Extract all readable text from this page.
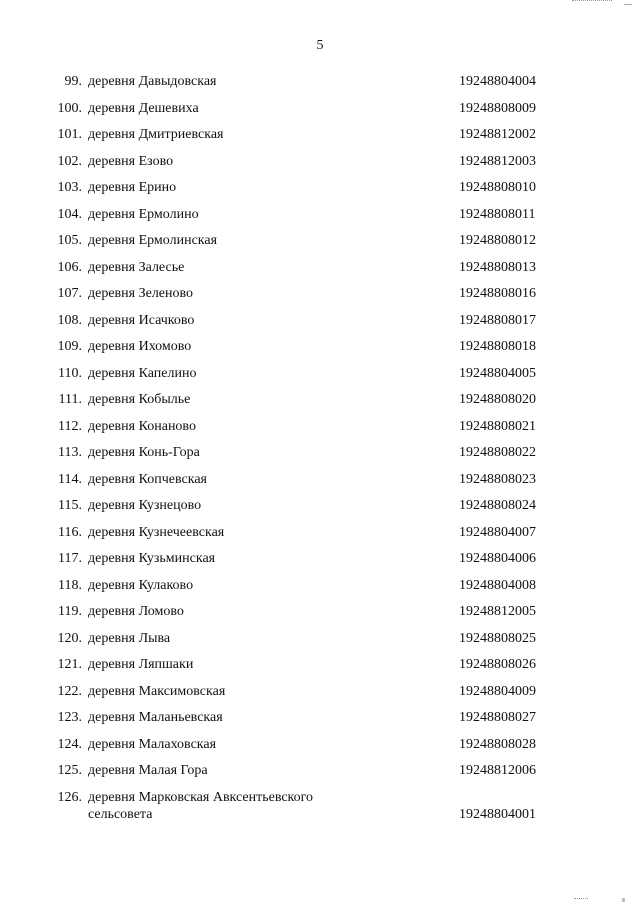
5
99. деревня Давыдовская	19248804004
100. деревня Дешевиха	19248808009
101. деревня Дмитриевская	19248812002
102. деревня Езово	19248812003
103. деревня Ерино	19248808010
104. деревня Ермолино	19248808011
105. деревня Ермолинская	19248808012
106. деревня Залесье	19248808013
107. деревня Зеленово	19248808016
108. деревня Исачково	19248808017
109. деревня Ихомово	19248808018
110. деревня Капелино	19248804005
111. деревня Кобылье	19248808020
112. деревня Конаново	19248808021
113. деревня Конь-Гора	19248808022
114. деревня Копчевская	19248808023
115. деревня Кузнецово	19248808024
116. деревня Кузнечеевская	19248804007
117. деревня Кузьминская	19248804006
118. деревня Кулаково	19248804008
119. деревня Ломово	19248812005
120. деревня Лыва	19248808025
121. деревня Ляпшаки	19248808026
122. деревня Максимовская	19248804009
123. деревня Маланьевская	19248808027
124. деревня Малаховская	19248808028
125. деревня Малая Гора	19248812006
126. деревня Марковская Авксентьевского
сельсовета	19248804001
